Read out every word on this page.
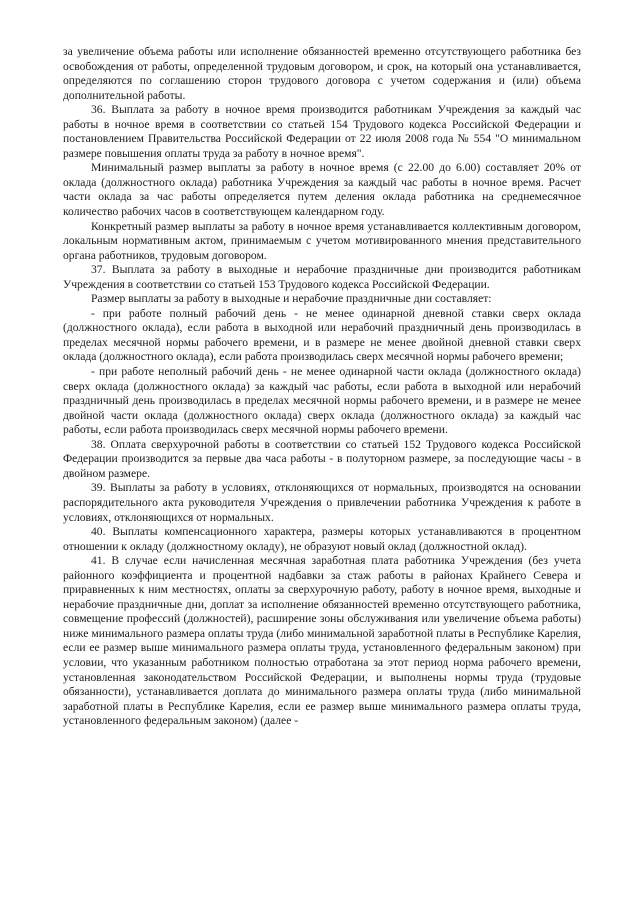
за увеличение объема работы или исполнение обязанностей временно отсутствующего работника без освобождения от работы, определенной трудовым договором, и срок, на который она устанавливается, определяются по соглашению сторон трудового договора с учетом содержания и (или) объема дополнительной работы.

36. Выплата за работу в ночное время производится работникам Учреждения за каждый час работы в ночное время в соответствии со статьей 154 Трудового кодекса Российской Федерации и постановлением Правительства Российской Федерации от 22 июля 2008 года № 554 "О минимальном размере повышения оплаты труда за работу в ночное время".

Минимальный размер выплаты за работу в ночное время (с 22.00 до 6.00) составляет 20% от оклада (должностного оклада) работника Учреждения за каждый час работы в ночное время. Расчет части оклада за час работы определяется путем деления оклада работника на среднемесячное количество рабочих часов в соответствующем календарном году.

Конкретный размер выплаты за работу в ночное время устанавливается коллективным договором, локальным нормативным актом, принимаемым с учетом мотивированного мнения представительного органа работников, трудовым договором.

37. Выплата за работу в выходные и нерабочие праздничные дни производится работникам Учреждения в соответствии со статьей 153 Трудового кодекса Российской Федерации.

Размер выплаты за работу в выходные и нерабочие праздничные дни составляет:

- при работе полный рабочий день - не менее одинарной дневной ставки сверх оклада (должностного оклада), если работа в выходной или нерабочий праздничный день производилась в пределах месячной нормы рабочего времени, и в размере не менее двойной дневной ставки сверх оклада (должностного оклада), если работа производилась сверх месячной нормы рабочего времени;

- при работе неполный рабочий день - не менее одинарной части оклада (должностного оклада) сверх оклада (должностного оклада) за каждый час работы, если работа в выходной или нерабочий праздничный день производилась в пределах месячной нормы рабочего времени, и в размере не менее двойной части оклада (должностного оклада) сверх оклада (должностного оклада) за каждый час работы, если работа производилась сверх месячной нормы рабочего времени.

38. Оплата сверхурочной работы в соответствии со статьей 152 Трудового кодекса Российской Федерации производится за первые два часа работы - в полуторном размере, за последующие часы - в двойном размере.

39. Выплаты за работу в условиях, отклоняющихся от нормальных, производятся на основании распорядительного акта руководителя Учреждения о привлечении работника Учреждения к работе в условиях, отклоняющихся от нормальных.

40. Выплаты компенсационного характера, размеры которых устанавливаются в процентном отношении к окладу (должностному окладу), не образуют новый оклад (должностной оклад).

41. В случае если начисленная месячная заработная плата работника Учреждения (без учета районного коэффициента и процентной надбавки за стаж работы в районах Крайнего Севера и приравненных к ним местностях, оплаты за сверхурочную работу, работу в ночное время, выходные и нерабочие праздничные дни, доплат за исполнение обязанностей временно отсутствующего работника, совмещение профессий (должностей), расширение зоны обслуживания или увеличение объема работы) ниже минимального размера оплаты труда (либо минимальной заработной платы в Республике Карелия, если ее размер выше минимального размера оплаты труда, установленного федеральным законом) при условии, что указанным работником полностью отработана за этот период норма рабочего времени, установленная законодательством Российской Федерации, и выполнены нормы труда (трудовые обязанности), устанавливается доплата до минимального размера оплаты труда (либо минимальной заработной платы в Республике Карелия, если ее размер выше минимального размера оплаты труда, установленного федеральным законом) (далее -
